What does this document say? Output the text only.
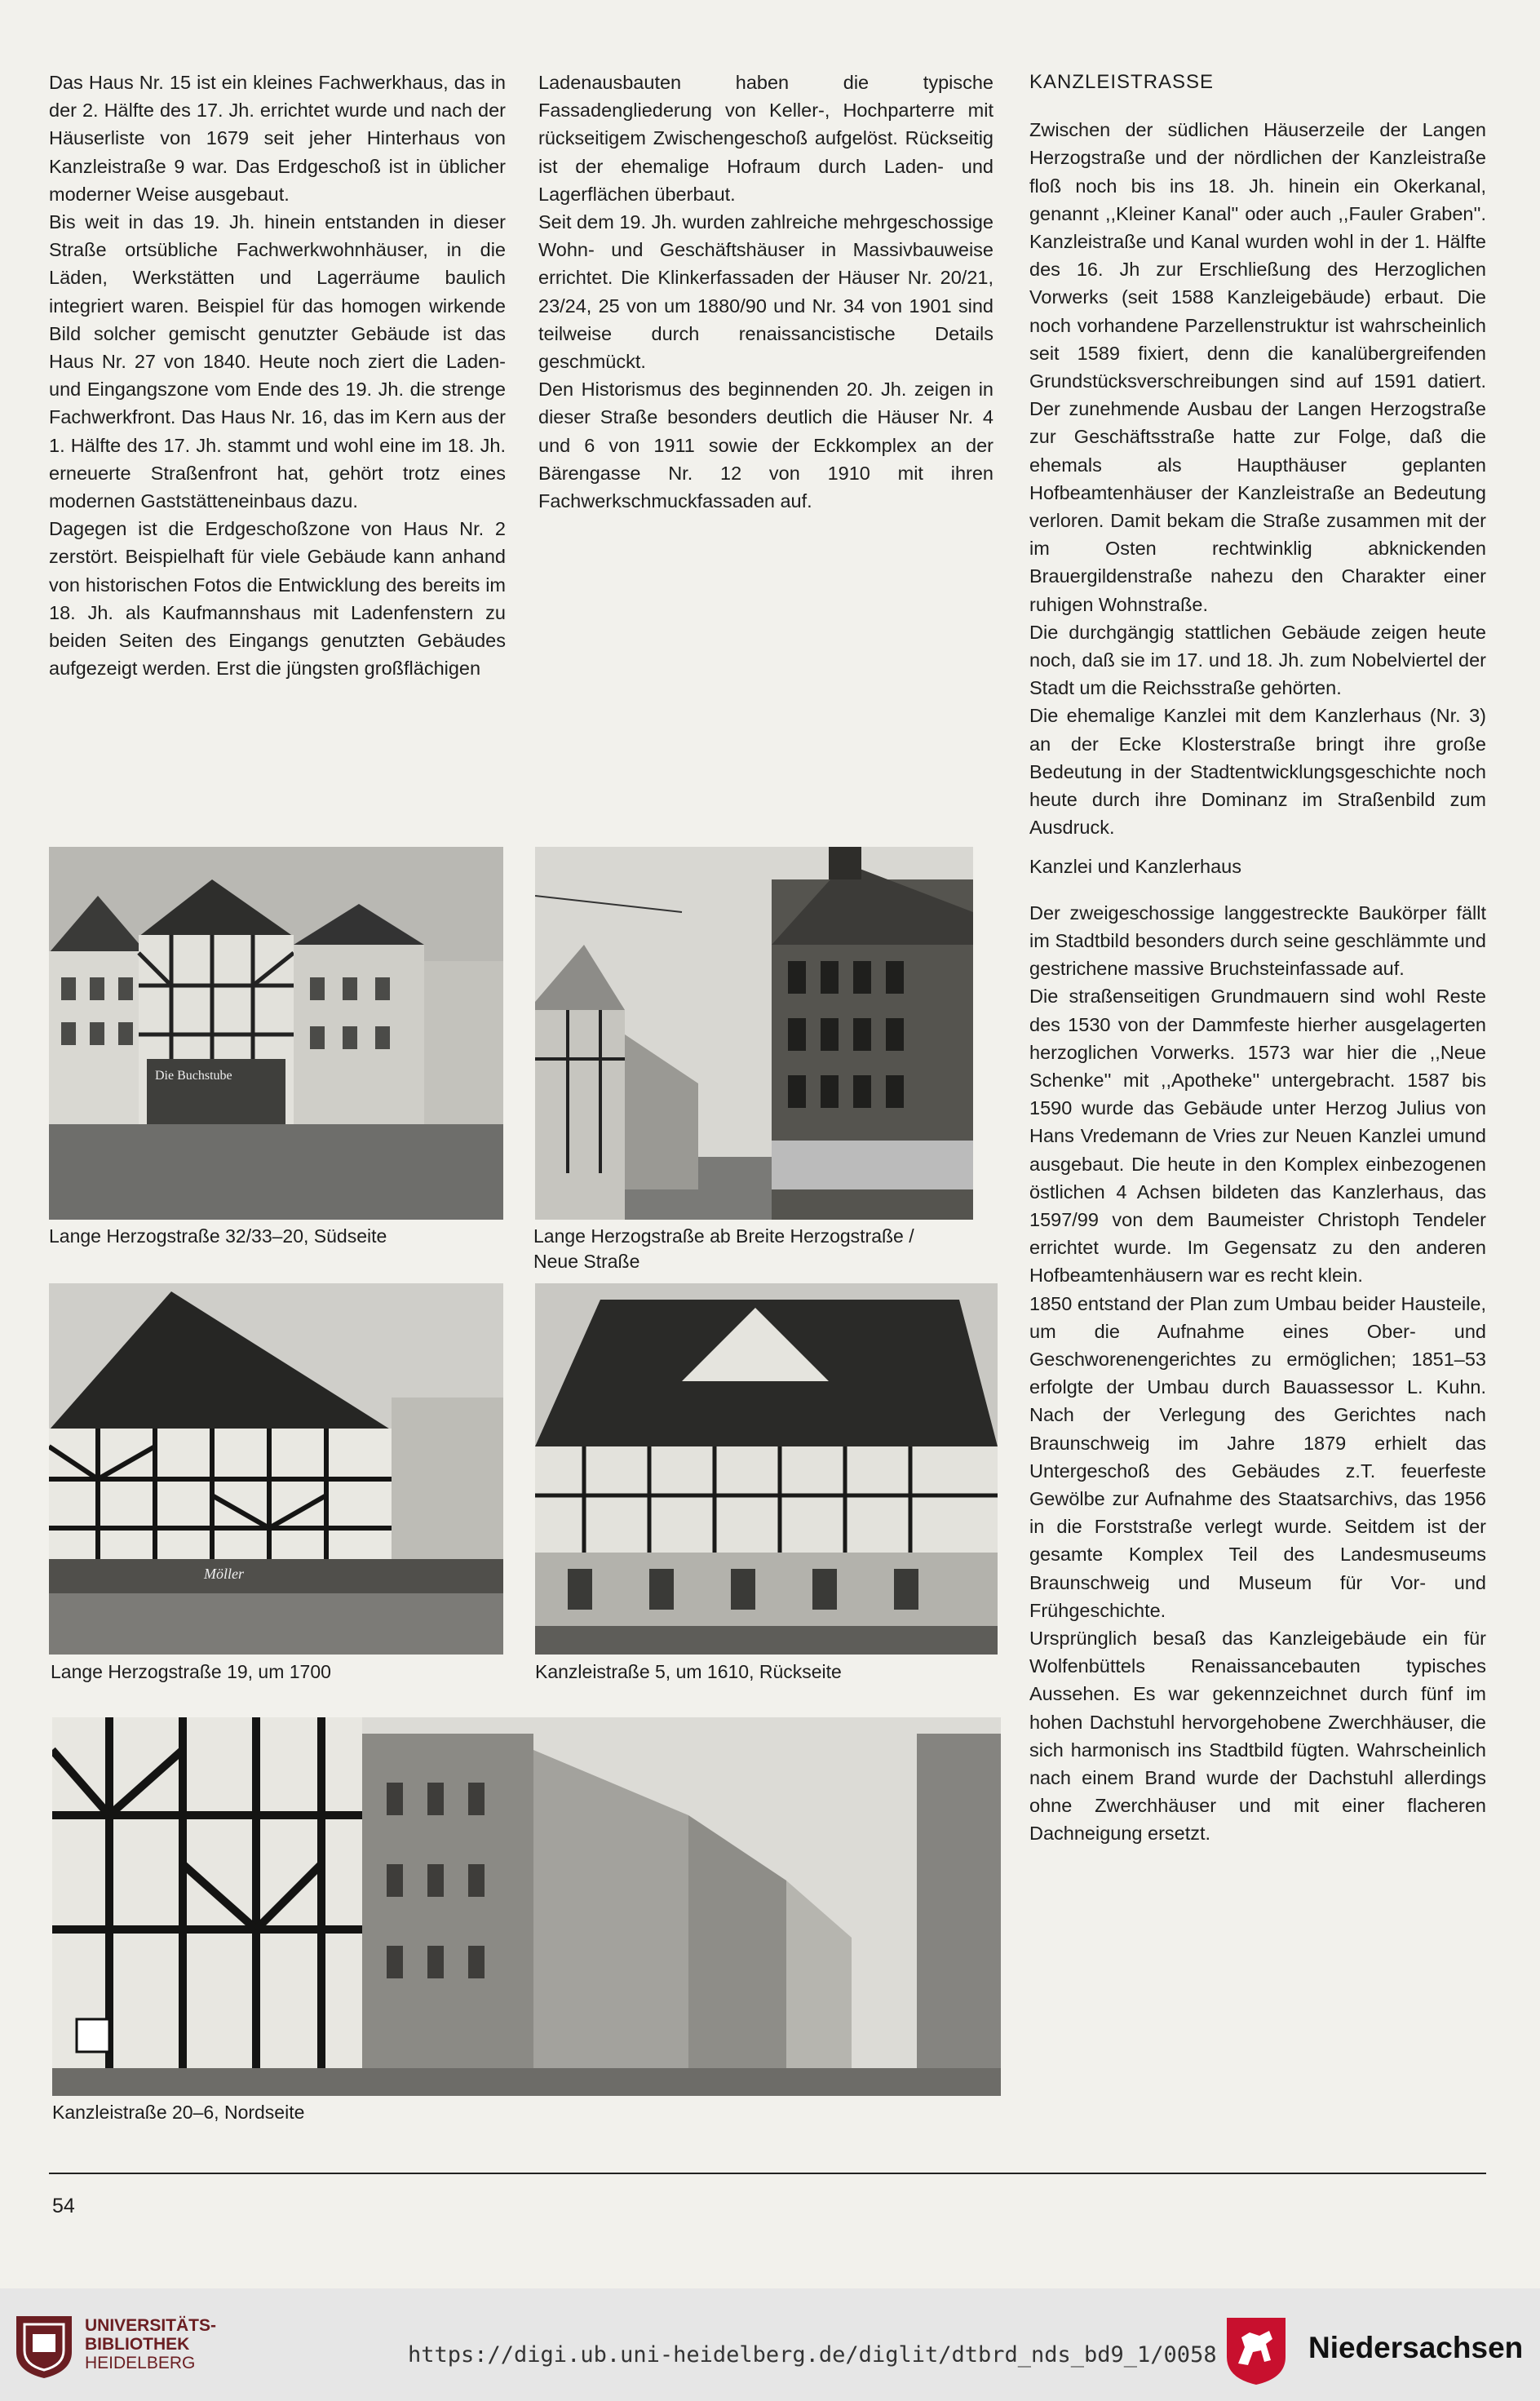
Das Haus Nr. 15 ist ein kleines Fachwerkhaus, das in der 2. Hälfte des 17. Jh. errichtet wurde und nach der Häuserliste von 1679 seit jeher Hinterhaus von Kanzleistraße 9 war. Das Erdgeschoß ist in üblicher moderner Weise ausgebaut.

Bis weit in das 19. Jh. hinein entstanden in dieser Straße ortsübliche Fachwerkwohnhäuser, in die Läden, Werkstätten und Lagerräume baulich integriert waren. Beispiel für das homogen wirkende Bild solcher gemischt genutzter Gebäude ist das Haus Nr. 27 von 1840. Heute noch ziert die Laden- und Eingangszone vom Ende des 19. Jh. die strenge Fachwerkfront. Das Haus Nr. 16, das im Kern aus der 1. Hälfte des 17. Jh. stammt und wohl eine im 18. Jh. erneuerte Straßenfront hat, gehört trotz eines modernen Gaststätteneinbaus dazu.

Dagegen ist die Erdgeschoßzone von Haus Nr. 2 zerstört. Beispielhaft für viele Gebäude kann anhand von historischen Fotos die Entwicklung des bereits im 18. Jh. als Kaufmannshaus mit Ladenfenstern zu beiden Seiten des Eingangs genutzten Gebäudes aufgezeigt werden. Erst die jüngsten großflächigen

Ladenausbauten haben die typische Fassadengliederung von Keller-, Hochparterre mit rückseitigem Zwischengeschoß aufgelöst. Rückseitig ist der ehemalige Hofraum durch Laden- und Lagerflächen überbaut.

Seit dem 19. Jh. wurden zahlreiche mehrgeschossige Wohn- und Geschäftshäuser in Massivbauweise errichtet. Die Klinkerfassaden der Häuser Nr. 20/21, 23/24, 25 von um 1880/90 und Nr. 34 von 1901 sind teilweise durch renaissancistische Details geschmückt.

Den Historismus des beginnenden 20. Jh. zeigen in dieser Straße besonders deutlich die Häuser Nr. 4 und 6 von 1911 sowie der Eckkomplex an der Bärengasse Nr. 12 von 1910 mit ihren Fachwerkschmuckfassaden auf.

KANZLEISTRASSE

Zwischen der südlichen Häuserzeile der Langen Herzogstraße und der nördlichen der Kanzleistraße floß noch bis ins 18. Jh. hinein ein Okerkanal, genannt ,,Kleiner Kanal'' oder auch ,,Fauler Graben''. Kanzleistraße und Kanal wurden wohl in der 1. Hälfte des 16. Jh zur Erschließung des Herzoglichen Vorwerks (seit 1588 Kanzleigebäude) erbaut. Die noch vorhandene Parzellenstruktur ist wahrscheinlich seit 1589 fixiert, denn die kanalübergreifenden Grundstücksverschreibungen sind auf 1591 datiert. Der zunehmende Ausbau der Langen Herzogstraße zur Geschäftsstraße hatte zur Folge, daß die ehemals als Haupthäuser geplanten Hofbeamtenhäuser der Kanzleistraße an Bedeutung verloren. Damit bekam die Straße zusammen mit der im Osten rechtwinklig abknickenden Brauergildenstraße nahezu den Charakter einer ruhigen Wohnstraße.

Die durchgängig stattlichen Gebäude zeigen heute noch, daß sie im 17. und 18. Jh. zum Nobelviertel der Stadt um die Reichsstraße gehörten.

Die ehemalige Kanzlei mit dem Kanzlerhaus (Nr. 3) an der Ecke Klosterstraße bringt ihre große Bedeutung in der Stadtentwicklungsgeschichte noch heute durch ihre Dominanz im Straßenbild zum Ausdruck.

Kanzlei und Kanzlerhaus

Der zweigeschossige langgestreckte Baukörper fällt im Stadtbild besonders durch seine geschlämmte und gestrichene massive Bruchsteinfassade auf.

Die straßenseitigen Grundmauern sind wohl Reste des 1530 von der Dammfeste hierher ausgelagerten herzoglichen Vorwerks. 1573 war hier die ,,Neue Schenke'' mit ,,Apotheke'' untergebracht. 1587 bis 1590 wurde das Gebäude unter Herzog Julius von Hans Vredemann de Vries zur Neuen Kanzlei umund ausgebaut. Die heute in den Komplex einbezogenen östlichen 4 Achsen bildeten das Kanzlerhaus, das 1597/99 von dem Baumeister Christoph Tendeler errichtet wurde. Im Gegensatz zu den anderen Hofbeamtenhäusern war es recht klein.

1850 entstand der Plan zum Umbau beider Hausteile, um die Aufnahme eines Ober- und Geschworenengerichtes zu ermöglichen; 1851–53 erfolgte der Umbau durch Bauassessor L. Kuhn. Nach der Verlegung des Gerichtes nach Braunschweig im Jahre 1879 erhielt das Untergeschoß des Gebäudes z.T. feuerfeste Gewölbe zur Aufnahme des Staatsarchivs, das 1956 in die Forststraße verlegt wurde. Seitdem ist der gesamte Komplex Teil des Landesmuseums Braunschweig und Museum für Vor- und Frühgeschichte.

Ursprünglich besaß das Kanzleigebäude ein für Wolfenbüttels Renaissancebauten typisches Aussehen. Es war gekennzeichnet durch fünf im hohen Dachstuhl hervorgehobene Zwerchhäuser, die sich harmonisch ins Stadtbild fügten. Wahrscheinlich nach einem Brand wurde der Dachstuhl allerdings ohne Zwerchhäuser und mit einer flacheren Dachneigung ersetzt.

Die Buchstube
Lange Herzogstraße 32/33–20, Südseite	Lange Herzogstraße ab Breite Herzogstraße /
Neue Straße
Möller
Lange Herzogstraße 19, um 1700	Kanzleistraße 5, um 1610, Rückseite
Kanzleistraße 20–6, Nordseite
54
UNIVERSITÄTS-
BIBLIOTHEK
HEIDELBERG	https://digi.ub.uni-heidelberg.de/diglit/dtbrd_nds_bd9_1/0058	Niedersachsen
